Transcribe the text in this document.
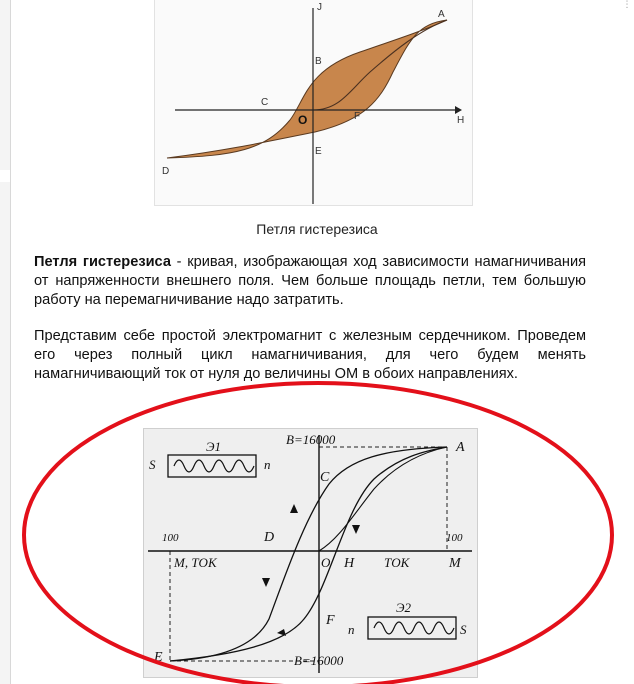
⋮
J
A
B
C
O	F	H
E
D
Петля гистерезиса
Петля гистерезиса - кривая, изображающая ход зависимости намагничивания от напряженности внешнего поля. Чем больше площадь петли, тем большую работу на перемагничивание надо затратить.
Представим себе простой электромагнит с железным сердечником. Проведем его через полный цикл намагничивания, для чего будем менять намагничивающий ток от нуля до величины ОМ в обоих направлениях.
B=16000
A
C
S	n
Э1
100	100
D
M, ТОК	O H ТОК	M
F
n
Э2
S
E	B=16000
